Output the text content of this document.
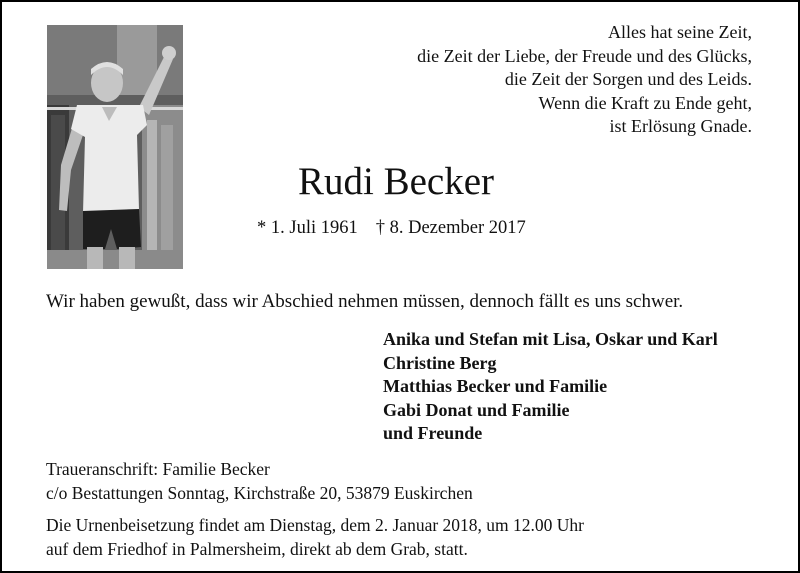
Alles hat seine Zeit,
die Zeit der Liebe, der Freude und des Glücks,
die Zeit der Sorgen und des Leids.
Wenn die Kraft zu Ende geht,
ist Erlösung Gnade.
Rudi Becker
* 1. Juli 1961 † 8. Dezember 2017
Wir haben gewußt, dass wir Abschied nehmen müssen, dennoch fällt es uns schwer.
Anika und Stefan mit Lisa, Oskar und Karl
Christine Berg
Matthias Becker und Familie
Gabi Donat und Familie
und Freunde
Traueranschrift: Familie Becker
c/o Bestattungen Sonntag, Kirchstraße 20, 53879 Euskirchen
Die Urnenbeisetzung findet am Dienstag, dem 2. Januar 2018, um 12.00 Uhr
auf dem Friedhof in Palmersheim, direkt ab dem Grab, statt.
